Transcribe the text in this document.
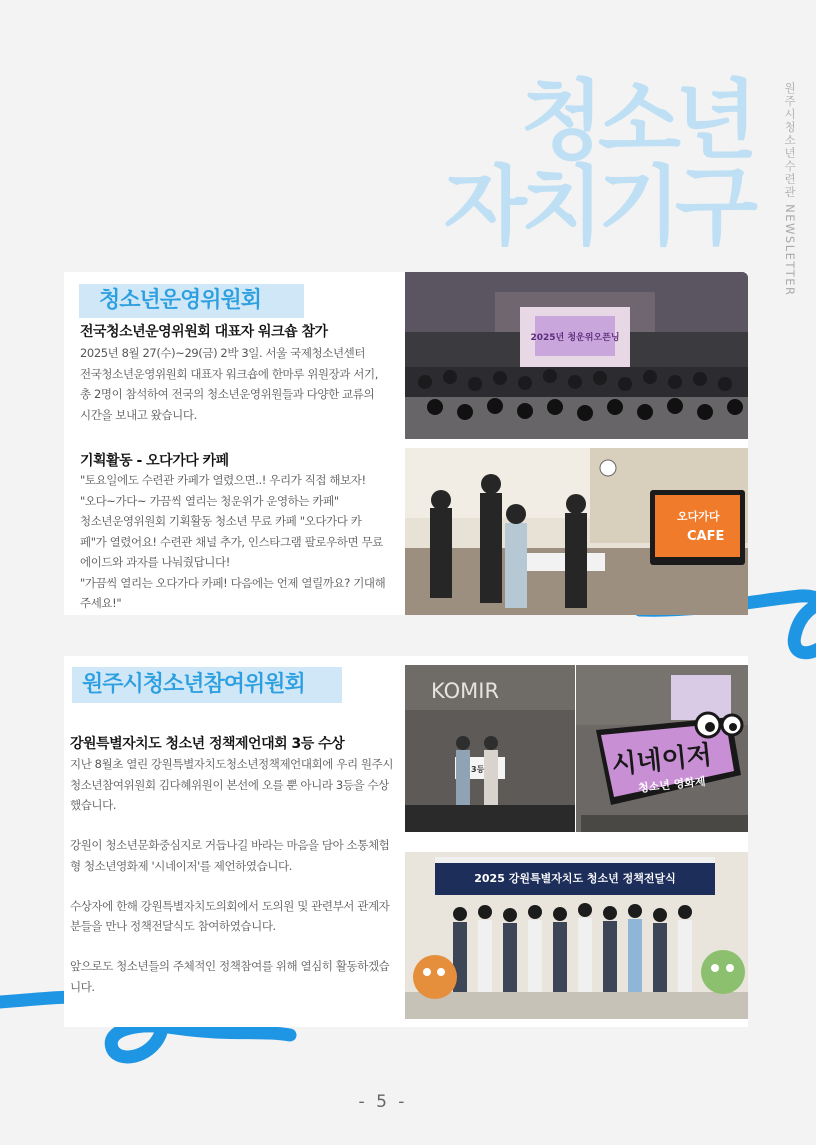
청소년
자치기구	원주시청소년수련관 NEWSLETTER
청소년운영위원회
전국청소년운영위원회 대표자 워크숍 참가
2025년 8월 27(수)~29(금) 2박 3일. 서울 국제청소년센터
전국청소년운영위원회 대표자 워크숍에 한마루 위원장과 서기,
총 2명이 참석하여 전국의 청소년운영위원들과 다양한 교류의
시간을 보내고 왔습니다.
기획활동 - 오다가다 카페
"토요일에도 수련관 카페가 열렸으면..! 우리가 직접 해보자!
"오다~가다~ 가끔씩 열리는 청운위가 운영하는 카페"
청소년운영위원회 기획활동 청소년 무료 카페 "오다가다 카
페"가 열렸어요! 수련관 채널 추가, 인스타그램 팔로우하면 무료
에이드와 과자를 나눠줬답니다!
"가끔씩 열리는 오다가다 카페! 다음에는 언제 열릴까요? 기대해
주세요!"
2025년 청운위오픈닝
오다가다
CAFE
원주시청소년참여위원회
강원특별자치도 청소년 정책제언대회 3등 수상
지난 8월초 열린 강원특별자치도청소년정책제언대회에 우리 원주시
청소년참여위원회 김다혜위원이 본선에 오를 뿐 아니라 3등을 수상
했습니다.
강원이 청소년문화중심지로 거듭나길 바라는 마음을 담아 소통체험
형 청소년영화제 '시네이저'를 제언하였습니다.
수상자에 한해 강원특별자치도의회에서 도의원 및 관련부서 관계자
분들을 만나 정책전달식도 참여하였습니다.
앞으로도 청소년들의 주체적인 정책참여를 위해 열심히 활동하겠습
니다.
KOMIR
3등	시네이저
청소년 영화제
2025 강원특별자치도 청소년 정책전달식
- 5 -
